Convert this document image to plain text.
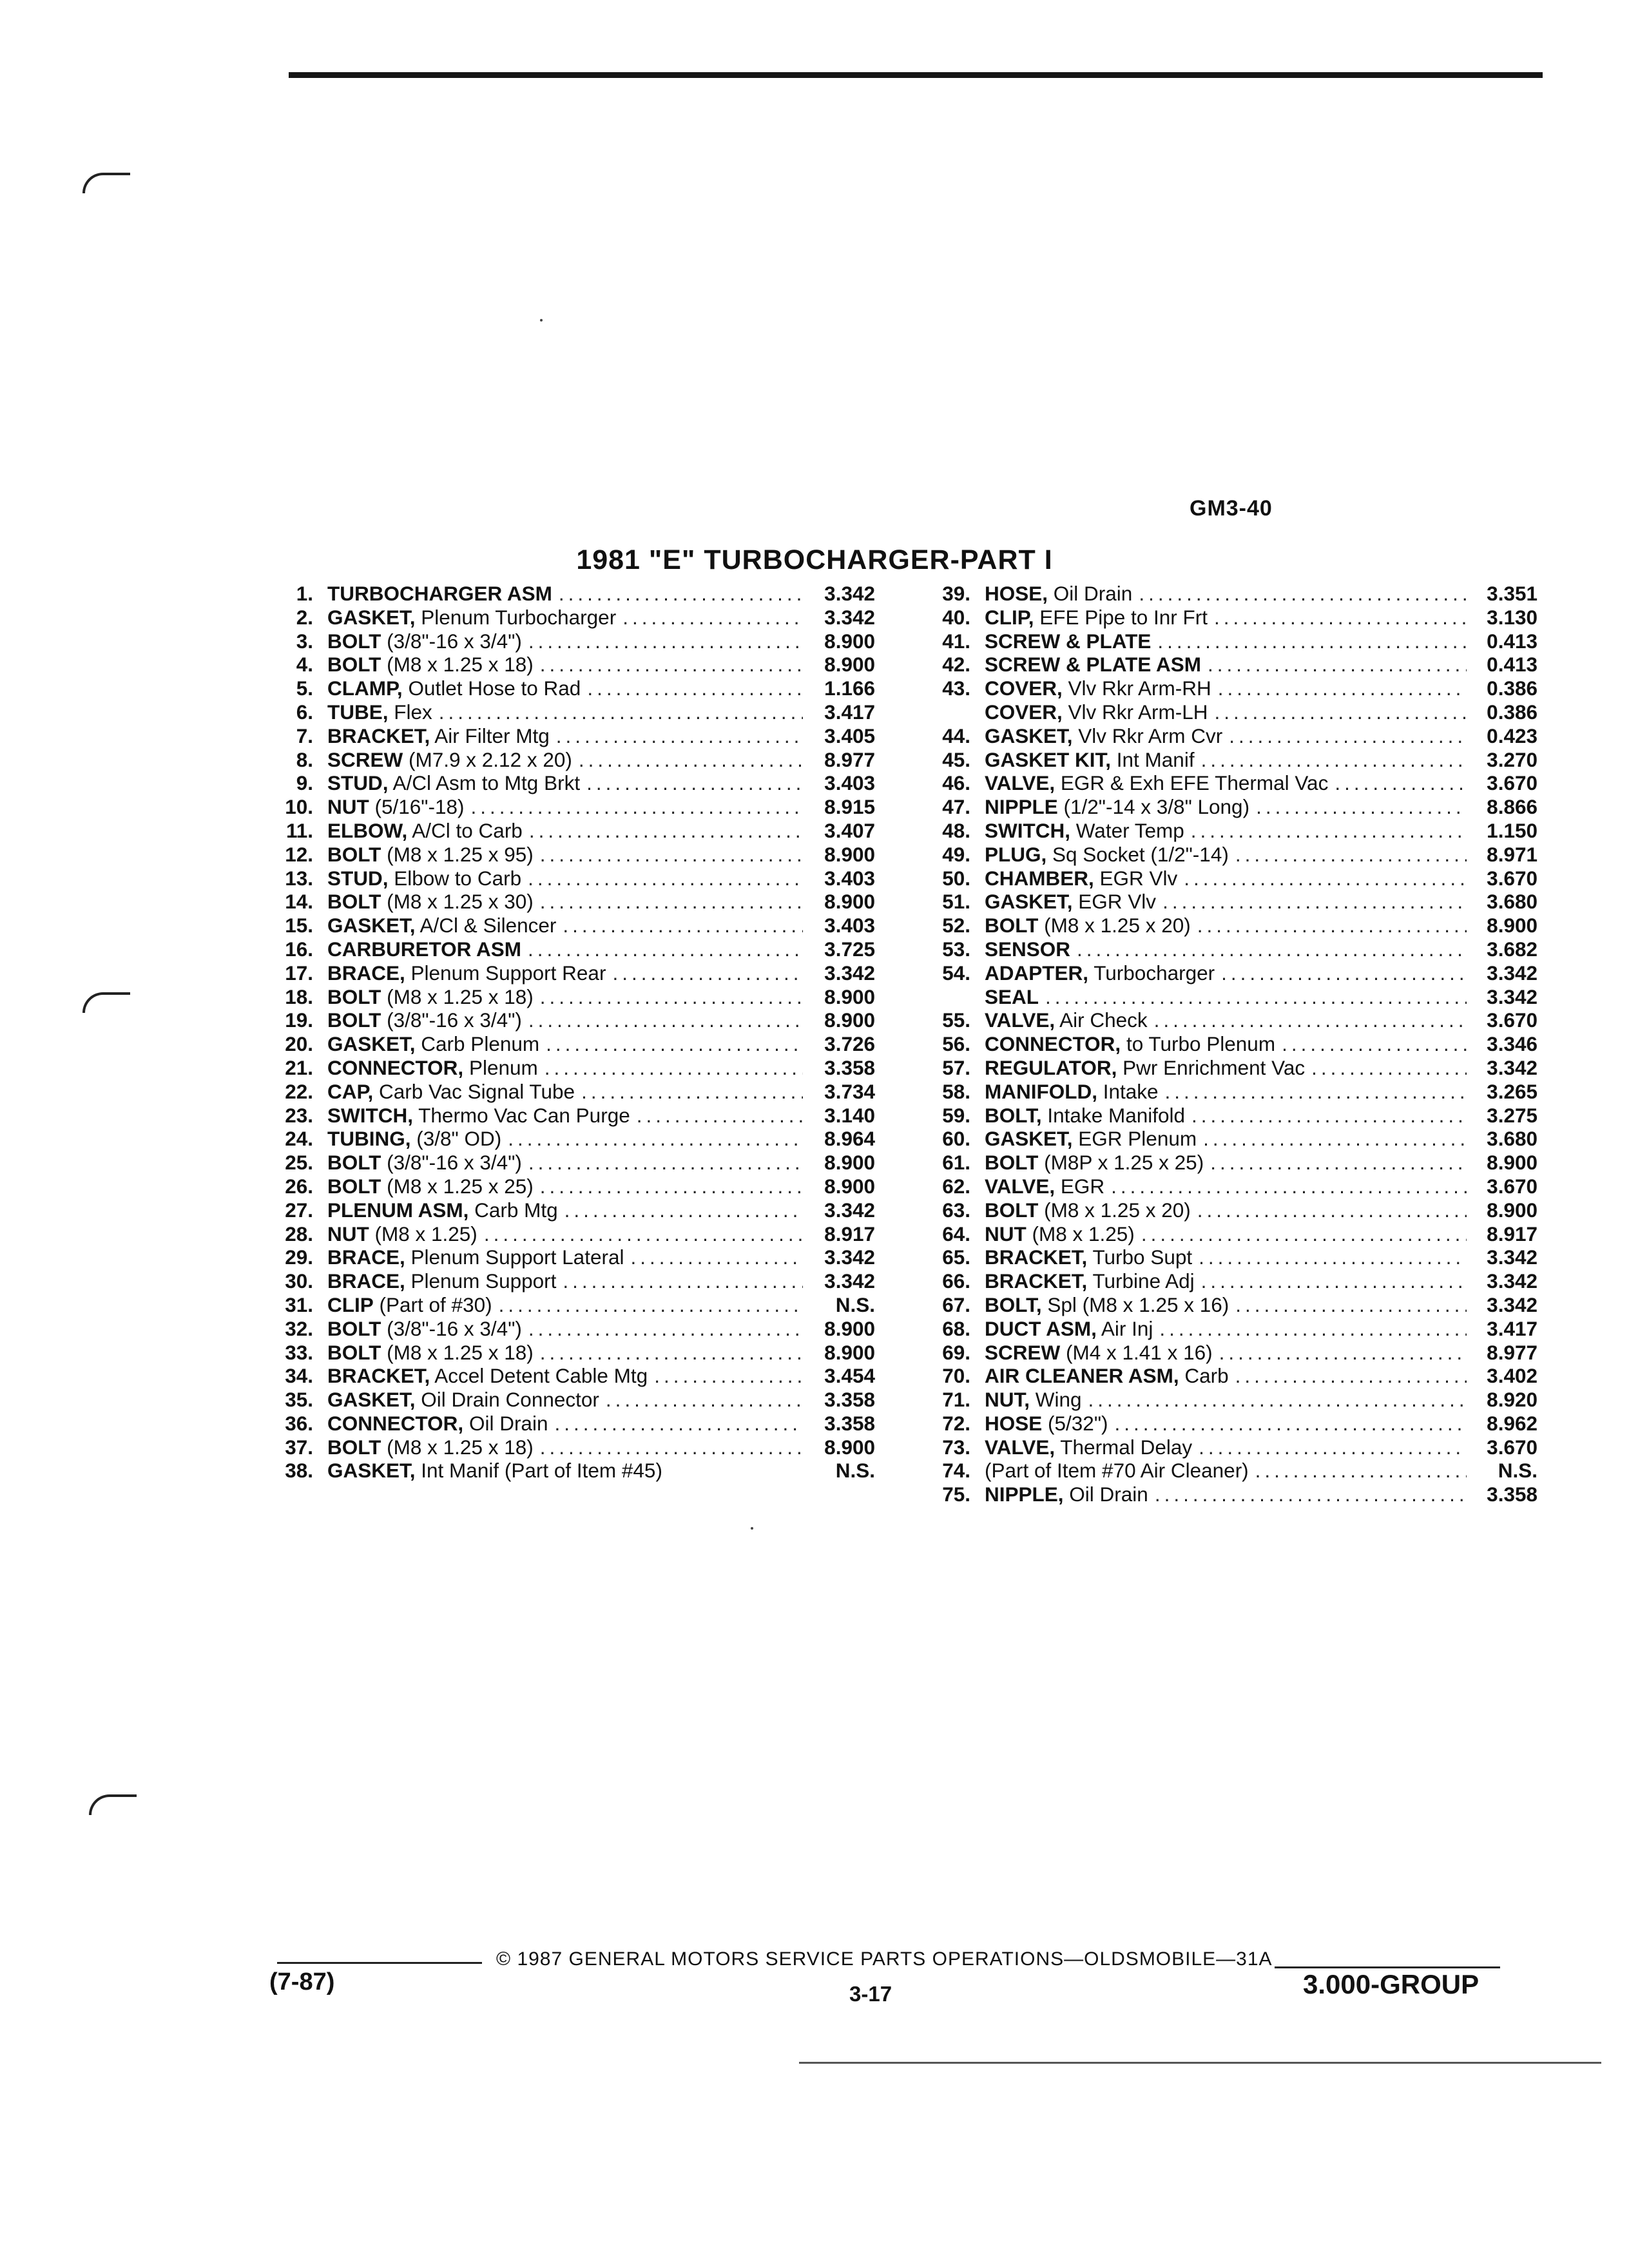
GM3-40
1981 "E" TURBOCHARGER-PART I
1. TURBOCHARGER ASM .....	3.342
2. GASKET, Plenum Turbocharger .....	3.342
3. BOLT (3/8"-16 x 3/4") .....	8.900
4. BOLT (M8 x 1.25 x 18) .....	8.900
5. CLAMP, Outlet Hose to Rad .....	1.166
6. TUBE, Flex .....	3.417
7. BRACKET, Air Filter Mtg .....	3.405
8. SCREW (M7.9 x 2.12 x 20) .....	8.977
9. STUD, A/Cl Asm to Mtg Brkt .....	3.403
10. NUT (5/16"-18) .....	8.915
11. ELBOW, A/Cl to Carb .....	3.407
12. BOLT (M8 x 1.25 x 95) .....	8.900
13. STUD, Elbow to Carb .....	3.403
14. BOLT (M8 x 1.25 x 30) .....	8.900
15. GASKET, A/Cl & Silencer .....	3.403
16. CARBURETOR ASM .....	3.725
17. BRACE, Plenum Support Rear .....	3.342
18. BOLT (M8 x 1.25 x 18) .....	8.900
19. BOLT (3/8"-16 x 3/4") .....	8.900
20. GASKET, Carb Plenum .....	3.726
21. CONNECTOR, Plenum .....	3.358
22. CAP, Carb Vac Signal Tube .....	3.734
23. SWITCH, Thermo Vac Can Purge .....	3.140
24. TUBING, (3/8" OD) .....	8.964
25. BOLT (3/8"-16 x 3/4") .....	8.900
26. BOLT (M8 x 1.25 x 25) .....	8.900
27. PLENUM ASM, Carb Mtg .....	3.342
28. NUT (M8 x 1.25) .....	8.917
29. BRACE, Plenum Support Lateral .....	3.342
30. BRACE, Plenum Support .....	3.342
31. CLIP (Part of #30) .....	N.S.
32. BOLT (3/8"-16 x 3/4") .....	8.900
33. BOLT (M8 x 1.25 x 18) .....	8.900
34. BRACKET, Accel Detent Cable Mtg .....	3.454
35. GASKET, Oil Drain Connector .....	3.358
36. CONNECTOR, Oil Drain .....	3.358
37. BOLT (M8 x 1.25 x 18) .....	8.900
38. GASKET, Int Manif (Part of Item #45)	N.S.
39. HOSE, Oil Drain .....	3.351
40. CLIP, EFE Pipe to Inr Frt .....	3.130
41. SCREW & PLATE .....	0.413
42. SCREW & PLATE ASM .....	0.413
43. COVER, Vlv Rkr Arm-RH .....	0.386
COVER, Vlv Rkr Arm-LH .....	0.386
44. GASKET, Vlv Rkr Arm Cvr .....	0.423
45. GASKET KIT, Int Manif .....	3.270
46. VALVE, EGR & Exh EFE Thermal Vac .....	3.670
47. NIPPLE (1/2"-14 x 3/8" Long) .....	8.866
48. SWITCH, Water Temp .....	1.150
49. PLUG, Sq Socket (1/2"-14) .....	8.971
50. CHAMBER, EGR Vlv .....	3.670
51. GASKET, EGR Vlv .....	3.680
52. BOLT (M8 x 1.25 x 20) .....	8.900
53. SENSOR .....	3.682
54. ADAPTER, Turbocharger .....	3.342
SEAL .....	3.342
55. VALVE, Air Check .....	3.670
56. CONNECTOR, to Turbo Plenum .....	3.346
57. REGULATOR, Pwr Enrichment Vac .....	3.342
58. MANIFOLD, Intake .....	3.265
59. BOLT, Intake Manifold .....	3.275
60. GASKET, EGR Plenum .....	3.680
61. BOLT (M8P x 1.25 x 25) .....	8.900
62. VALVE, EGR .....	3.670
63. BOLT (M8 x 1.25 x 20) .....	8.900
64. NUT (M8 x 1.25) .....	8.917
65. BRACKET, Turbo Supt .....	3.342
66. BRACKET, Turbine Adj .....	3.342
67. BOLT, Spl (M8 x 1.25 x 16) .....	3.342
68. DUCT ASM, Air Inj .....	3.417
69. SCREW (M4 x 1.41 x 16) .....	8.977
70. AIR CLEANER ASM, Carb .....	3.402
71. NUT, Wing .....	8.920
72. HOSE (5/32") .....	8.962
73. VALVE, Thermal Delay .....	3.670
74. (Part of Item #70 Air Cleaner) .....	N.S.
75. NIPPLE, Oil Drain .....	3.358
© 1987 GENERAL MOTORS SERVICE PARTS OPERATIONS—OLDSMOBILE—31A
(7-87)	3-17	3.000-GROUP
